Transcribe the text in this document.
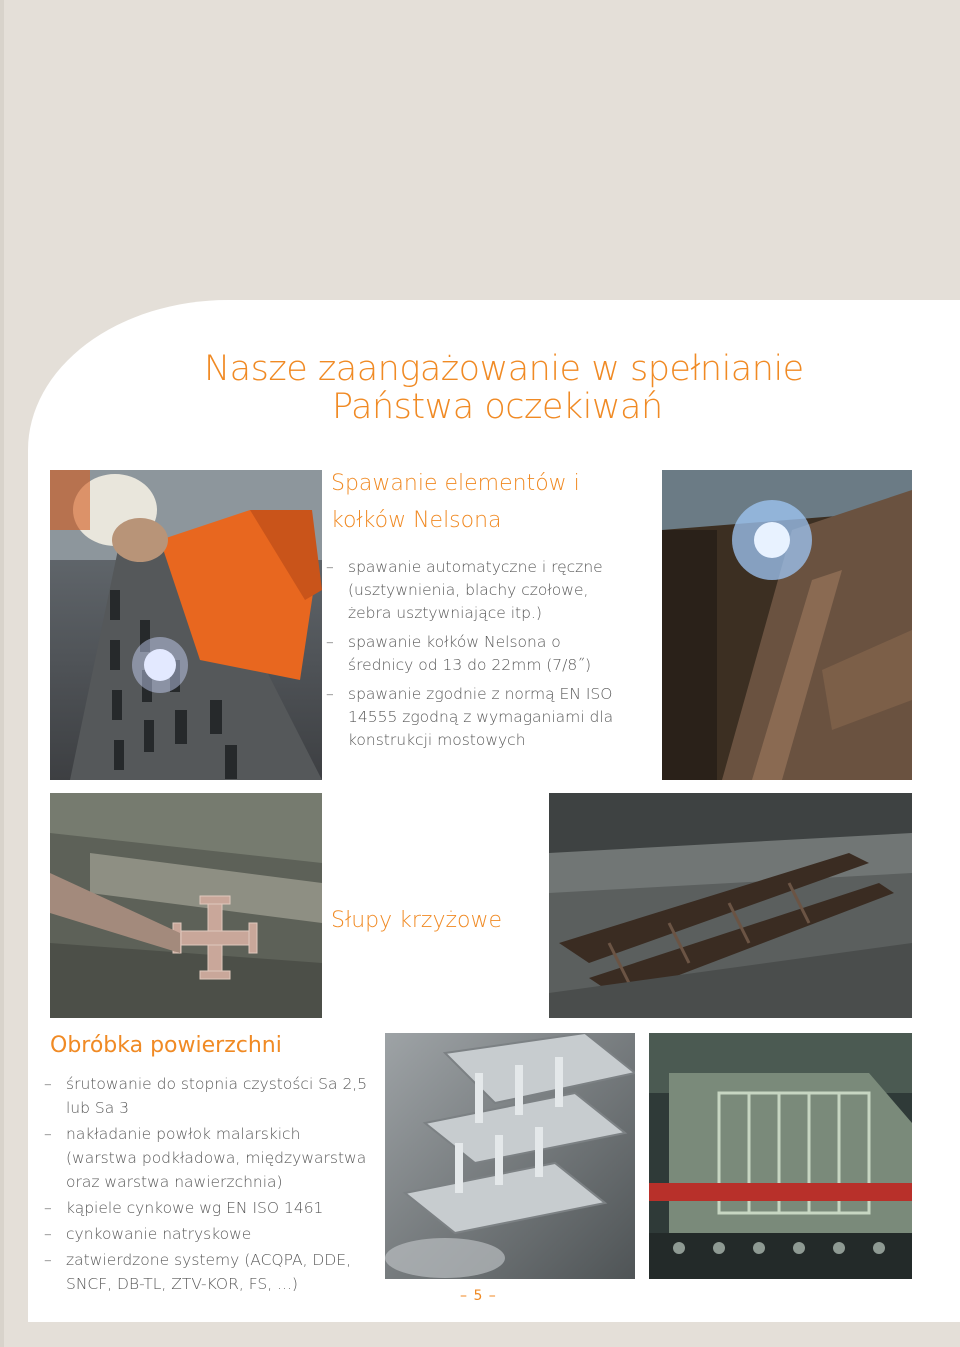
Nasze zaangażowanie w spełnianie
Państwa oczekiwań
Spawanie elementów i
kołków Nelsona
– spawanie automatyczne i ręczne (usztywnienia, blachy czołowe, żebra usztywniające itp.)
– spawanie kołków Nelsona o średnicy od 13 do 22mm (7/8˝)
– spawanie zgodnie z normą EN ISO 14555 zgodną z wymaganiami dla konstrukcji mostowych
Słupy krzyżowe
Obróbka powierzchni
– śrutowanie do stopnia czystości Sa 2,5 lub Sa 3
– nakładanie powłok malarskich (warstwa podkładowa, międzywarstwa oraz warstwa nawierzchnia)
– kąpiele cynkowe wg EN ISO 1461
– cynkowanie natryskowe
– zatwierdzone systemy (ACQPA, DDE, SNCF, DB-TL, ZTV-KOR, FS, ...)
– 5 –
